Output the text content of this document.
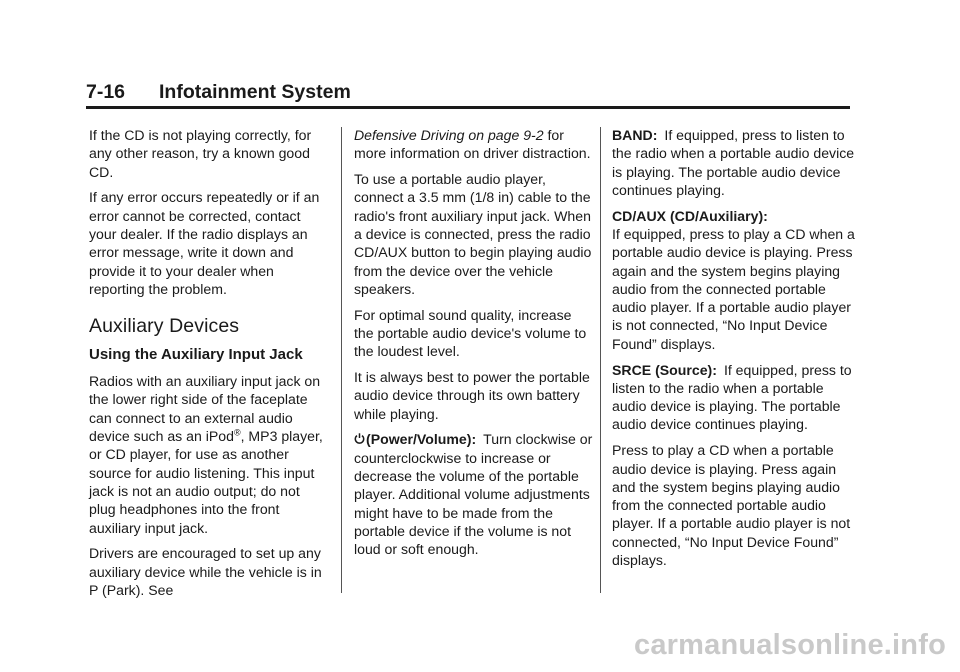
7-16 Infotainment System

If the CD is not playing correctly, for any other reason, try a known good CD.

If any error occurs repeatedly or if an error cannot be corrected, contact your dealer. If the radio displays an error message, write it down and provide it to your dealer when reporting the problem.

Auxiliary Devices
Using the Auxiliary Input Jack

Radios with an auxiliary input jack on the lower right side of the faceplate can connect to an external audio device such as an iPod®, MP3 player, or CD player, for use as another source for audio listening. This input jack is not an audio output; do not plug headphones into the front auxiliary input jack.

Drivers are encouraged to set up any auxiliary device while the vehicle is in P (Park). See

Defensive Driving on page 9-2 for more information on driver distraction.

To use a portable audio player, connect a 3.5 mm (1/8 in) cable to the radio's front auxiliary input jack. When a device is connected, press the radio CD/AUX button to begin playing audio from the device over the vehicle speakers.

For optimal sound quality, increase the portable audio device's volume to the loudest level.

It is always best to power the portable audio device through its own battery while playing.

(Power/Volume): Turn clockwise or counterclockwise to increase or decrease the volume of the portable player. Additional volume adjustments might have to be made from the portable device if the volume is not loud or soft enough.

BAND: If equipped, press to listen to the radio when a portable audio device is playing. The portable audio device continues playing.

CD/AUX (CD/Auxiliary):
If equipped, press to play a CD when a portable audio device is playing. Press again and the system begins playing audio from the connected portable audio player. If a portable audio player is not connected, “No Input Device Found” displays.

SRCE (Source): If equipped, press to listen to the radio when a portable audio device is playing. The portable audio device continues playing.

Press to play a CD when a portable audio device is playing. Press again and the system begins playing audio from the connected portable audio player. If a portable audio player is not connected, “No Input Device Found” displays.

carmanualsonline.info
